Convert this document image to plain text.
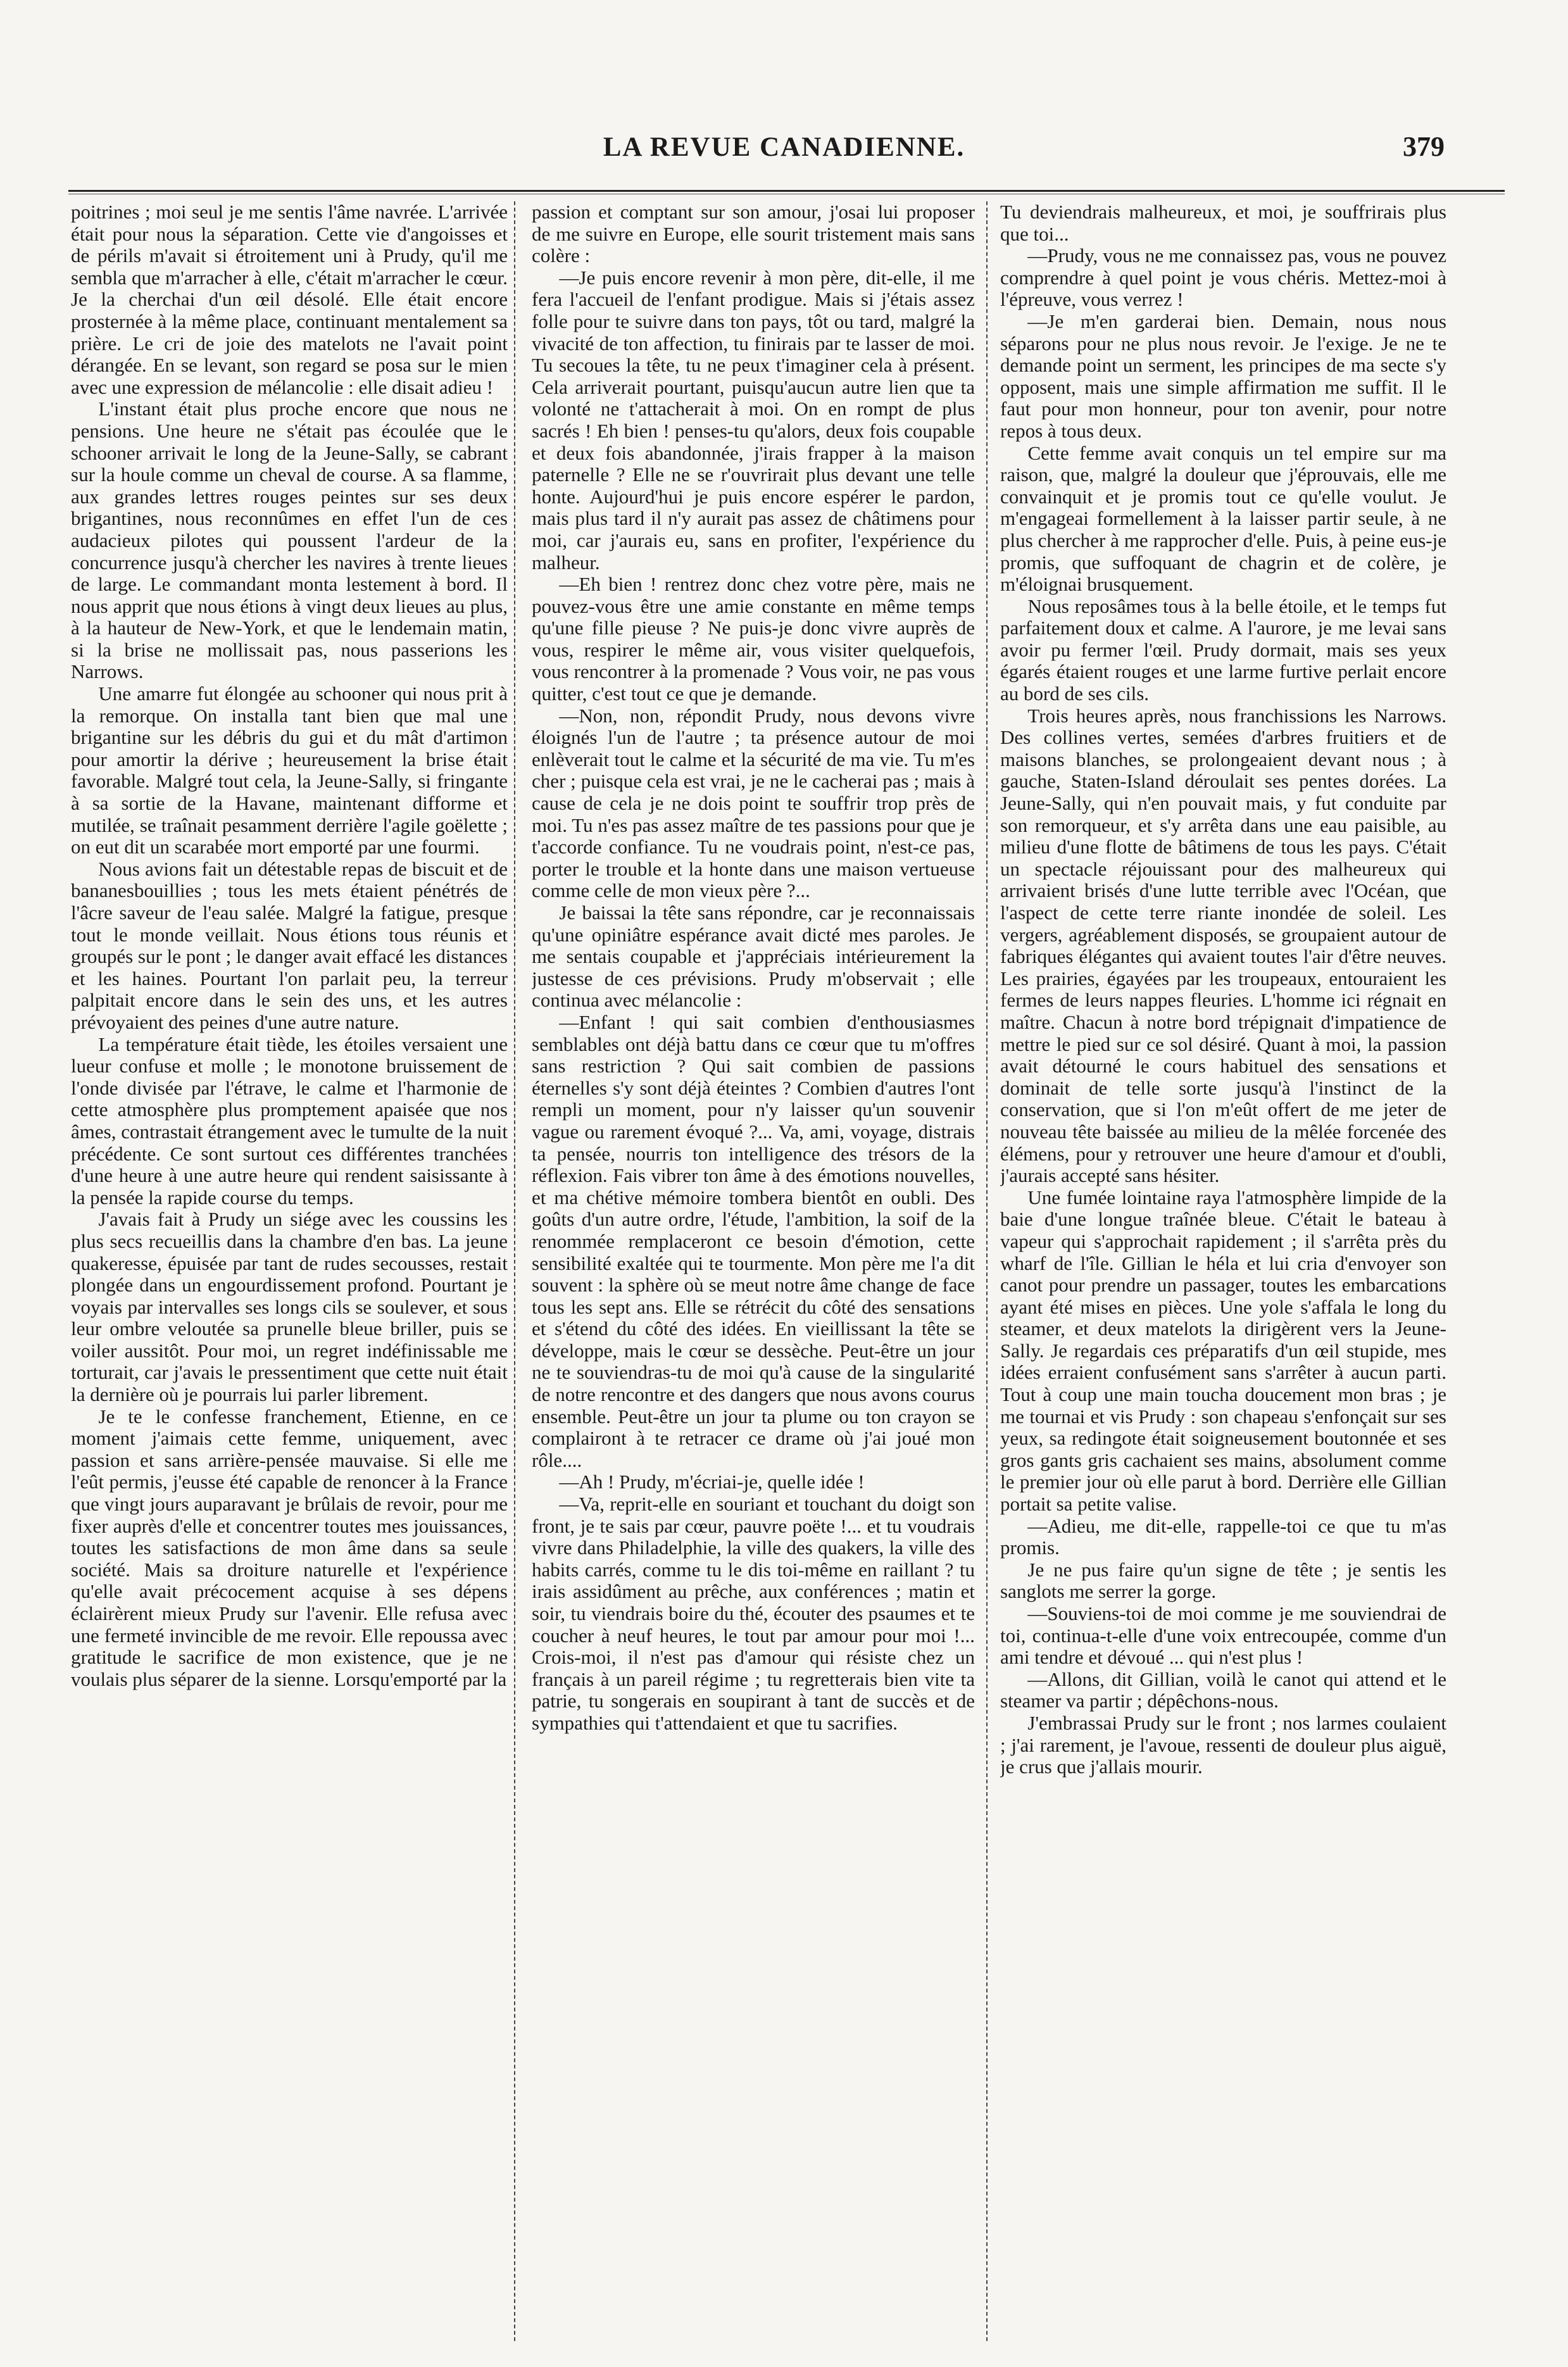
LA REVUE CANADIENNE.	379

poitrines ; moi seul je me sentis l'âme navrée. L'arrivée était pour nous la séparation. Cette vie d'angoisses et de périls m'avait si étroitement uni à Prudy, qu'il me sembla que m'arracher à elle, c'était m'arracher le cœur. Je la cherchai d'un œil désolé. Elle était encore prosternée à la même place, continuant mentalement sa prière. Le cri de joie des matelots ne l'avait point dérangée. En se levant, son regard se posa sur le mien avec une expression de mélancolie : elle disait adieu !

L'instant était plus proche encore que nous ne pensions. Une heure ne s'était pas écoulée que le schooner arrivait le long de la Jeune-Sally, se cabrant sur la houle comme un cheval de course. A sa flamme, aux grandes lettres rouges peintes sur ses deux brigantines, nous reconnûmes en effet l'un de ces audacieux pilotes qui poussent l'ardeur de la concurrence jusqu'à chercher les navires à trente lieues de large. Le commandant monta lestement à bord. Il nous apprit que nous étions à vingt deux lieues au plus, à la hauteur de New-York, et que le lendemain matin, si la brise ne mollissait pas, nous passerions les Narrows.

Une amarre fut élongée au schooner qui nous prit à la remorque. On installa tant bien que mal une brigantine sur les débris du gui et du mât d'artimon pour amortir la dérive ; heureusement la brise était favorable. Malgré tout cela, la Jeune-Sally, si fringante à sa sortie de la Havane, maintenant difforme et mutilée, se traînait pesamment derrière l'agile goëlette ; on eut dit un scarabée mort emporté par une fourmi.

Nous avions fait un détestable repas de biscuit et de bananesbouillies ; tous les mets étaient pénétrés de l'âcre saveur de l'eau salée. Malgré la fatigue, presque tout le monde veillait. Nous étions tous réunis et groupés sur le pont ; le danger avait effacé les distances et les haines. Pourtant l'on parlait peu, la terreur palpitait encore dans le sein des uns, et les autres prévoyaient des peines d'une autre nature.

La température était tiède, les étoiles versaient une lueur confuse et molle ; le monotone bruissement de l'onde divisée par l'étrave, le calme et l'harmonie de cette atmosphère plus promptement apaisée que nos âmes, contrastait étrangement avec le tumulte de la nuit précédente. Ce sont surtout ces différentes tranchées d'une heure à une autre heure qui rendent saisissante à la pensée la rapide course du temps.

J'avais fait à Prudy un siége avec les coussins les plus secs recueillis dans la chambre d'en bas. La jeune quakeresse, épuisée par tant de rudes secousses, restait plongée dans un engourdissement profond. Pourtant je voyais par intervalles ses longs cils se soulever, et sous leur ombre veloutée sa prunelle bleue briller, puis se voiler aussitôt. Pour moi, un regret indéfinissable me torturait, car j'avais le pressentiment que cette nuit était la dernière où je pourrais lui parler librement.

Je te le confesse franchement, Etienne, en ce moment j'aimais cette femme, uniquement, avec passion et sans arrière-pensée mauvaise. Si elle me l'eût permis, j'eusse été capable de renoncer à la France que vingt jours auparavant je brûlais de revoir, pour me fixer auprès d'elle et concentrer toutes mes jouissances, toutes les satisfactions de mon âme dans sa seule société. Mais sa droiture naturelle et l'expérience qu'elle avait précocement acquise à ses dépens éclairèrent mieux Prudy sur l'avenir. Elle refusa avec une fermeté invincible de me revoir. Elle repoussa avec gratitude le sacrifice de mon existence, que je ne voulais plus séparer de la sienne. Lorsqu'emporté par la

passion et comptant sur son amour, j'osai lui proposer de me suivre en Europe, elle sourit tristement mais sans colère :

—Je puis encore revenir à mon père, dit-elle, il me fera l'accueil de l'enfant prodigue. Mais si j'étais assez folle pour te suivre dans ton pays, tôt ou tard, malgré la vivacité de ton affection, tu finirais par te lasser de moi. Tu secoues la tête, tu ne peux t'imaginer cela à présent. Cela arriverait pourtant, puisqu'aucun autre lien que ta volonté ne t'attacherait à moi. On en rompt de plus sacrés ! Eh bien ! penses-tu qu'alors, deux fois coupable et deux fois abandonnée, j'irais frapper à la maison paternelle ? Elle ne se r'ouvrirait plus devant une telle honte. Aujourd'hui je puis encore espérer le pardon, mais plus tard il n'y aurait pas assez de châtimens pour moi, car j'aurais eu, sans en profiter, l'expérience du malheur.

—Eh bien ! rentrez donc chez votre père, mais ne pouvez-vous être une amie constante en même temps qu'une fille pieuse ? Ne puis-je donc vivre auprès de vous, respirer le même air, vous visiter quelquefois, vous rencontrer à la promenade ? Vous voir, ne pas vous quitter, c'est tout ce que je demande.

—Non, non, répondit Prudy, nous devons vivre éloignés l'un de l'autre ; ta présence autour de moi enlèverait tout le calme et la sécurité de ma vie. Tu m'es cher ; puisque cela est vrai, je ne le cacherai pas ; mais à cause de cela je ne dois point te souffrir trop près de moi. Tu n'es pas assez maître de tes passions pour que je t'accorde confiance. Tu ne voudrais point, n'est-ce pas, porter le trouble et la honte dans une maison vertueuse comme celle de mon vieux père ?...

Je baissai la tête sans répondre, car je reconnaissais qu'une opiniâtre espérance avait dicté mes paroles. Je me sentais coupable et j'appréciais intérieurement la justesse de ces prévisions. Prudy m'observait ; elle continua avec mélancolie :

—Enfant ! qui sait combien d'enthousiasmes semblables ont déjà battu dans ce cœur que tu m'offres sans restriction ? Qui sait combien de passions éternelles s'y sont déjà éteintes ? Combien d'autres l'ont rempli un moment, pour n'y laisser qu'un souvenir vague ou rarement évoqué ?... Va, ami, voyage, distrais ta pensée, nourris ton intelligence des trésors de la réflexion. Fais vibrer ton âme à des émotions nouvelles, et ma chétive mémoire tombera bientôt en oubli. Des goûts d'un autre ordre, l'étude, l'ambition, la soif de la renommée remplaceront ce besoin d'émotion, cette sensibilité exaltée qui te tourmente. Mon père me l'a dit souvent : la sphère où se meut notre âme change de face tous les sept ans. Elle se rétrécit du côté des sensations et s'étend du côté des idées. En vieillissant la tête se développe, mais le cœur se dessèche. Peut-être un jour ne te souviendras-tu de moi qu'à cause de la singularité de notre rencontre et des dangers que nous avons courus ensemble. Peut-être un jour ta plume ou ton crayon se complairont à te retracer ce drame où j'ai joué mon rôle....

—Ah ! Prudy, m'écriai-je, quelle idée !

—Va, reprit-elle en souriant et touchant du doigt son front, je te sais par cœur, pauvre poëte !... et tu voudrais vivre dans Philadelphie, la ville des quakers, la ville des habits carrés, comme tu le dis toi-même en raillant ? tu irais assidûment au prêche, aux conférences ; matin et soir, tu viendrais boire du thé, écouter des psaumes et te coucher à neuf heures, le tout par amour pour moi !... Crois-moi, il n'est pas d'amour qui résiste chez un français à un pareil régime ; tu regretterais bien vite ta patrie, tu songerais en soupirant à tant de succès et de sympathies qui t'attendaient et que tu sacrifies.

Tu deviendrais malheureux, et moi, je souffrirais plus que toi...

—Prudy, vous ne me connaissez pas, vous ne pouvez comprendre à quel point je vous chéris. Mettez-moi à l'épreuve, vous verrez !

—Je m'en garderai bien. Demain, nous nous séparons pour ne plus nous revoir. Je l'exige. Je ne te demande point un serment, les principes de ma secte s'y opposent, mais une simple affirmation me suffit. Il le faut pour mon honneur, pour ton avenir, pour notre repos à tous deux.

Cette femme avait conquis un tel empire sur ma raison, que, malgré la douleur que j'éprouvais, elle me convainquit et je promis tout ce qu'elle voulut. Je m'engageai formellement à la laisser partir seule, à ne plus chercher à me rapprocher d'elle. Puis, à peine eus-je promis, que suffoquant de chagrin et de colère, je m'éloignai brusquement.

Nous reposâmes tous à la belle étoile, et le temps fut parfaitement doux et calme. A l'aurore, je me levai sans avoir pu fermer l'œil. Prudy dormait, mais ses yeux égarés étaient rouges et une larme furtive perlait encore au bord de ses cils.

Trois heures après, nous franchissions les Narrows. Des collines vertes, semées d'arbres fruitiers et de maisons blanches, se prolongeaient devant nous ; à gauche, Staten-Island déroulait ses pentes dorées. La Jeune-Sally, qui n'en pouvait mais, y fut conduite par son remorqueur, et s'y arrêta dans une eau paisible, au milieu d'une flotte de bâtimens de tous les pays. C'était un spectacle réjouissant pour des malheureux qui arrivaient brisés d'une lutte terrible avec l'Océan, que l'aspect de cette terre riante inondée de soleil. Les vergers, agréablement disposés, se groupaient autour de fabriques élégantes qui avaient toutes l'air d'être neuves. Les prairies, égayées par les troupeaux, entouraient les fermes de leurs nappes fleuries. L'homme ici régnait en maître. Chacun à notre bord trépignait d'impatience de mettre le pied sur ce sol désiré. Quant à moi, la passion avait détourné le cours habituel des sensations et dominait de telle sorte jusqu'à l'instinct de la conservation, que si l'on m'eût offert de me jeter de nouveau tête baissée au milieu de la mêlée forcenée des élémens, pour y retrouver une heure d'amour et d'oubli, j'aurais accepté sans hésiter.

Une fumée lointaine raya l'atmosphère limpide de la baie d'une longue traînée bleue. C'était le bateau à vapeur qui s'approchait rapidement ; il s'arrêta près du wharf de l'île. Gillian le héla et lui cria d'envoyer son canot pour prendre un passager, toutes les embarcations ayant été mises en pièces. Une yole s'affala le long du steamer, et deux matelots la dirigèrent vers la Jeune-Sally. Je regardais ces préparatifs d'un œil stupide, mes idées erraient confusément sans s'arrêter à aucun parti. Tout à coup une main toucha doucement mon bras ; je me tournai et vis Prudy : son chapeau s'enfonçait sur ses yeux, sa redingote était soigneusement boutonnée et ses gros gants gris cachaient ses mains, absolument comme le premier jour où elle parut à bord. Derrière elle Gillian portait sa petite valise.

—Adieu, me dit-elle, rappelle-toi ce que tu m'as promis.

Je ne pus faire qu'un signe de tête ; je sentis les sanglots me serrer la gorge.

—Souviens-toi de moi comme je me souviendrai de toi, continua-t-elle d'une voix entrecoupée, comme d'un ami tendre et dévoué ... qui n'est plus !

—Allons, dit Gillian, voilà le canot qui attend et le steamer va partir ; dépêchons-nous.

J'embrassai Prudy sur le front ; nos larmes coulaient ; j'ai rarement, je l'avoue, ressenti de douleur plus aiguë, je crus que j'allais mourir.
